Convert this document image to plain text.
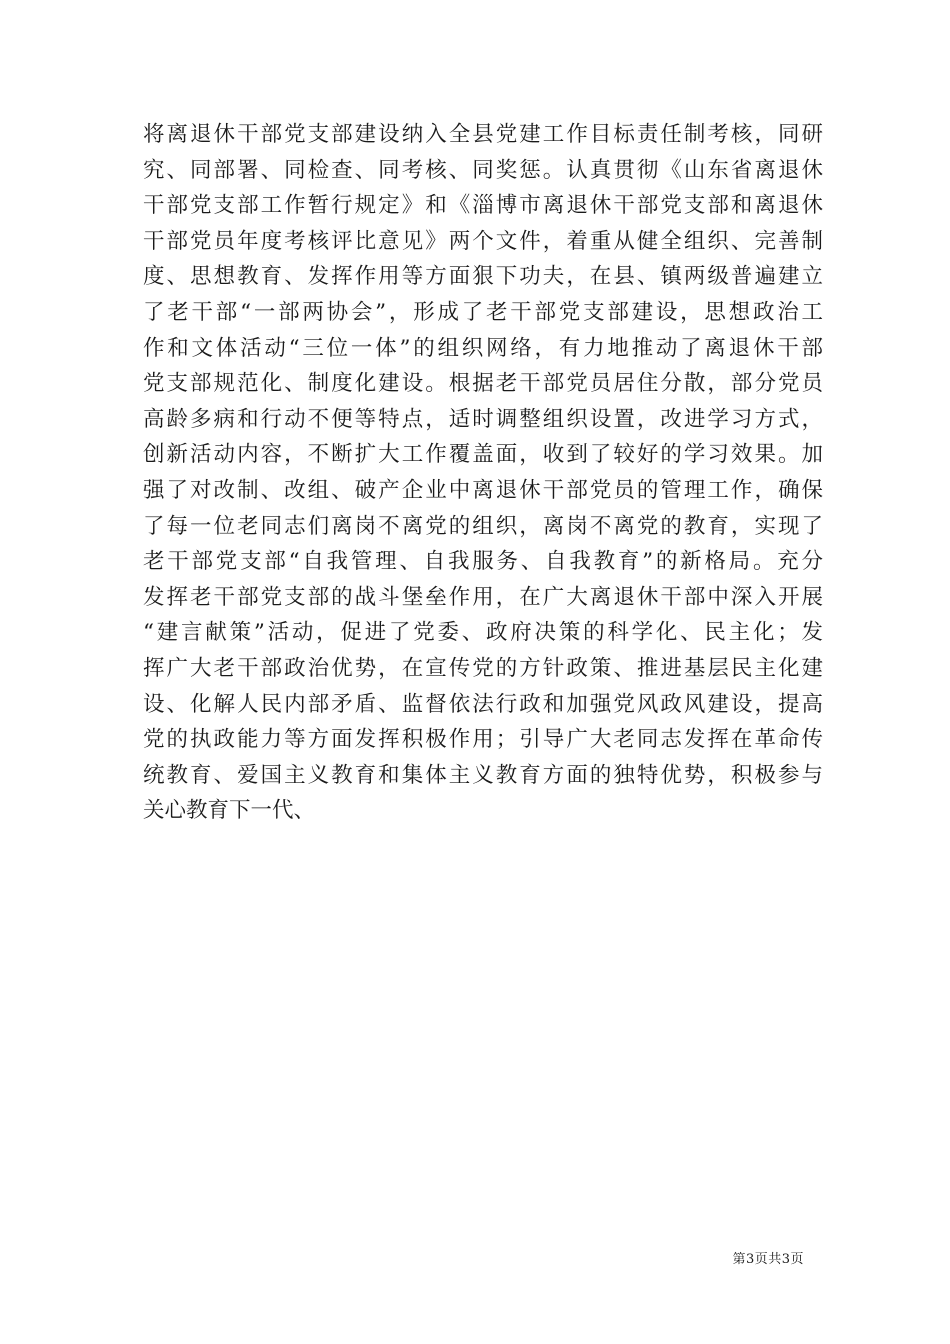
将离退休干部党支部建设纳入全县党建工作目标责任制考核，同研
究、同部署、同检查、同考核、同奖惩。认真贯彻《山东省离退休
干部党支部工作暂行规定》和《淄博市离退休干部党支部和离退休
干部党员年度考核评比意见》两个文件，着重从健全组织、完善制
度、思想教育、发挥作用等方面狠下功夫，在县、镇两级普遍建立
了老干部“一部两协会”，形成了老干部党支部建设，思想政治工
作和文体活动“三位一体”的组织网络，有力地推动了离退休干部
党支部规范化、制度化建设。根据老干部党员居住分散，部分党员
高龄多病和行动不便等特点，适时调整组织设置，改进学习方式，
创新活动内容，不断扩大工作覆盖面，收到了较好的学习效果。加
强了对改制、改组、破产企业中离退休干部党员的管理工作，确保
了每一位老同志们离岗不离党的组织，离岗不离党的教育，实现了
老干部党支部“自我管理、自我服务、自我教育”的新格局。充分
发挥老干部党支部的战斗堡垒作用，在广大离退休干部中深入开展
“建言献策”活动，促进了党委、政府决策的科学化、民主化；发
挥广大老干部政治优势，在宣传党的方针政策、推进基层民主化建
设、化解人民内部矛盾、监督依法行政和加强党风政风建设，提高
党的执政能力等方面发挥积极作用；引导广大老同志发挥在革命传
统教育、爱国主义教育和集体主义教育方面的独特优势，积极参与
关心教育下一代、
第3页共3页
